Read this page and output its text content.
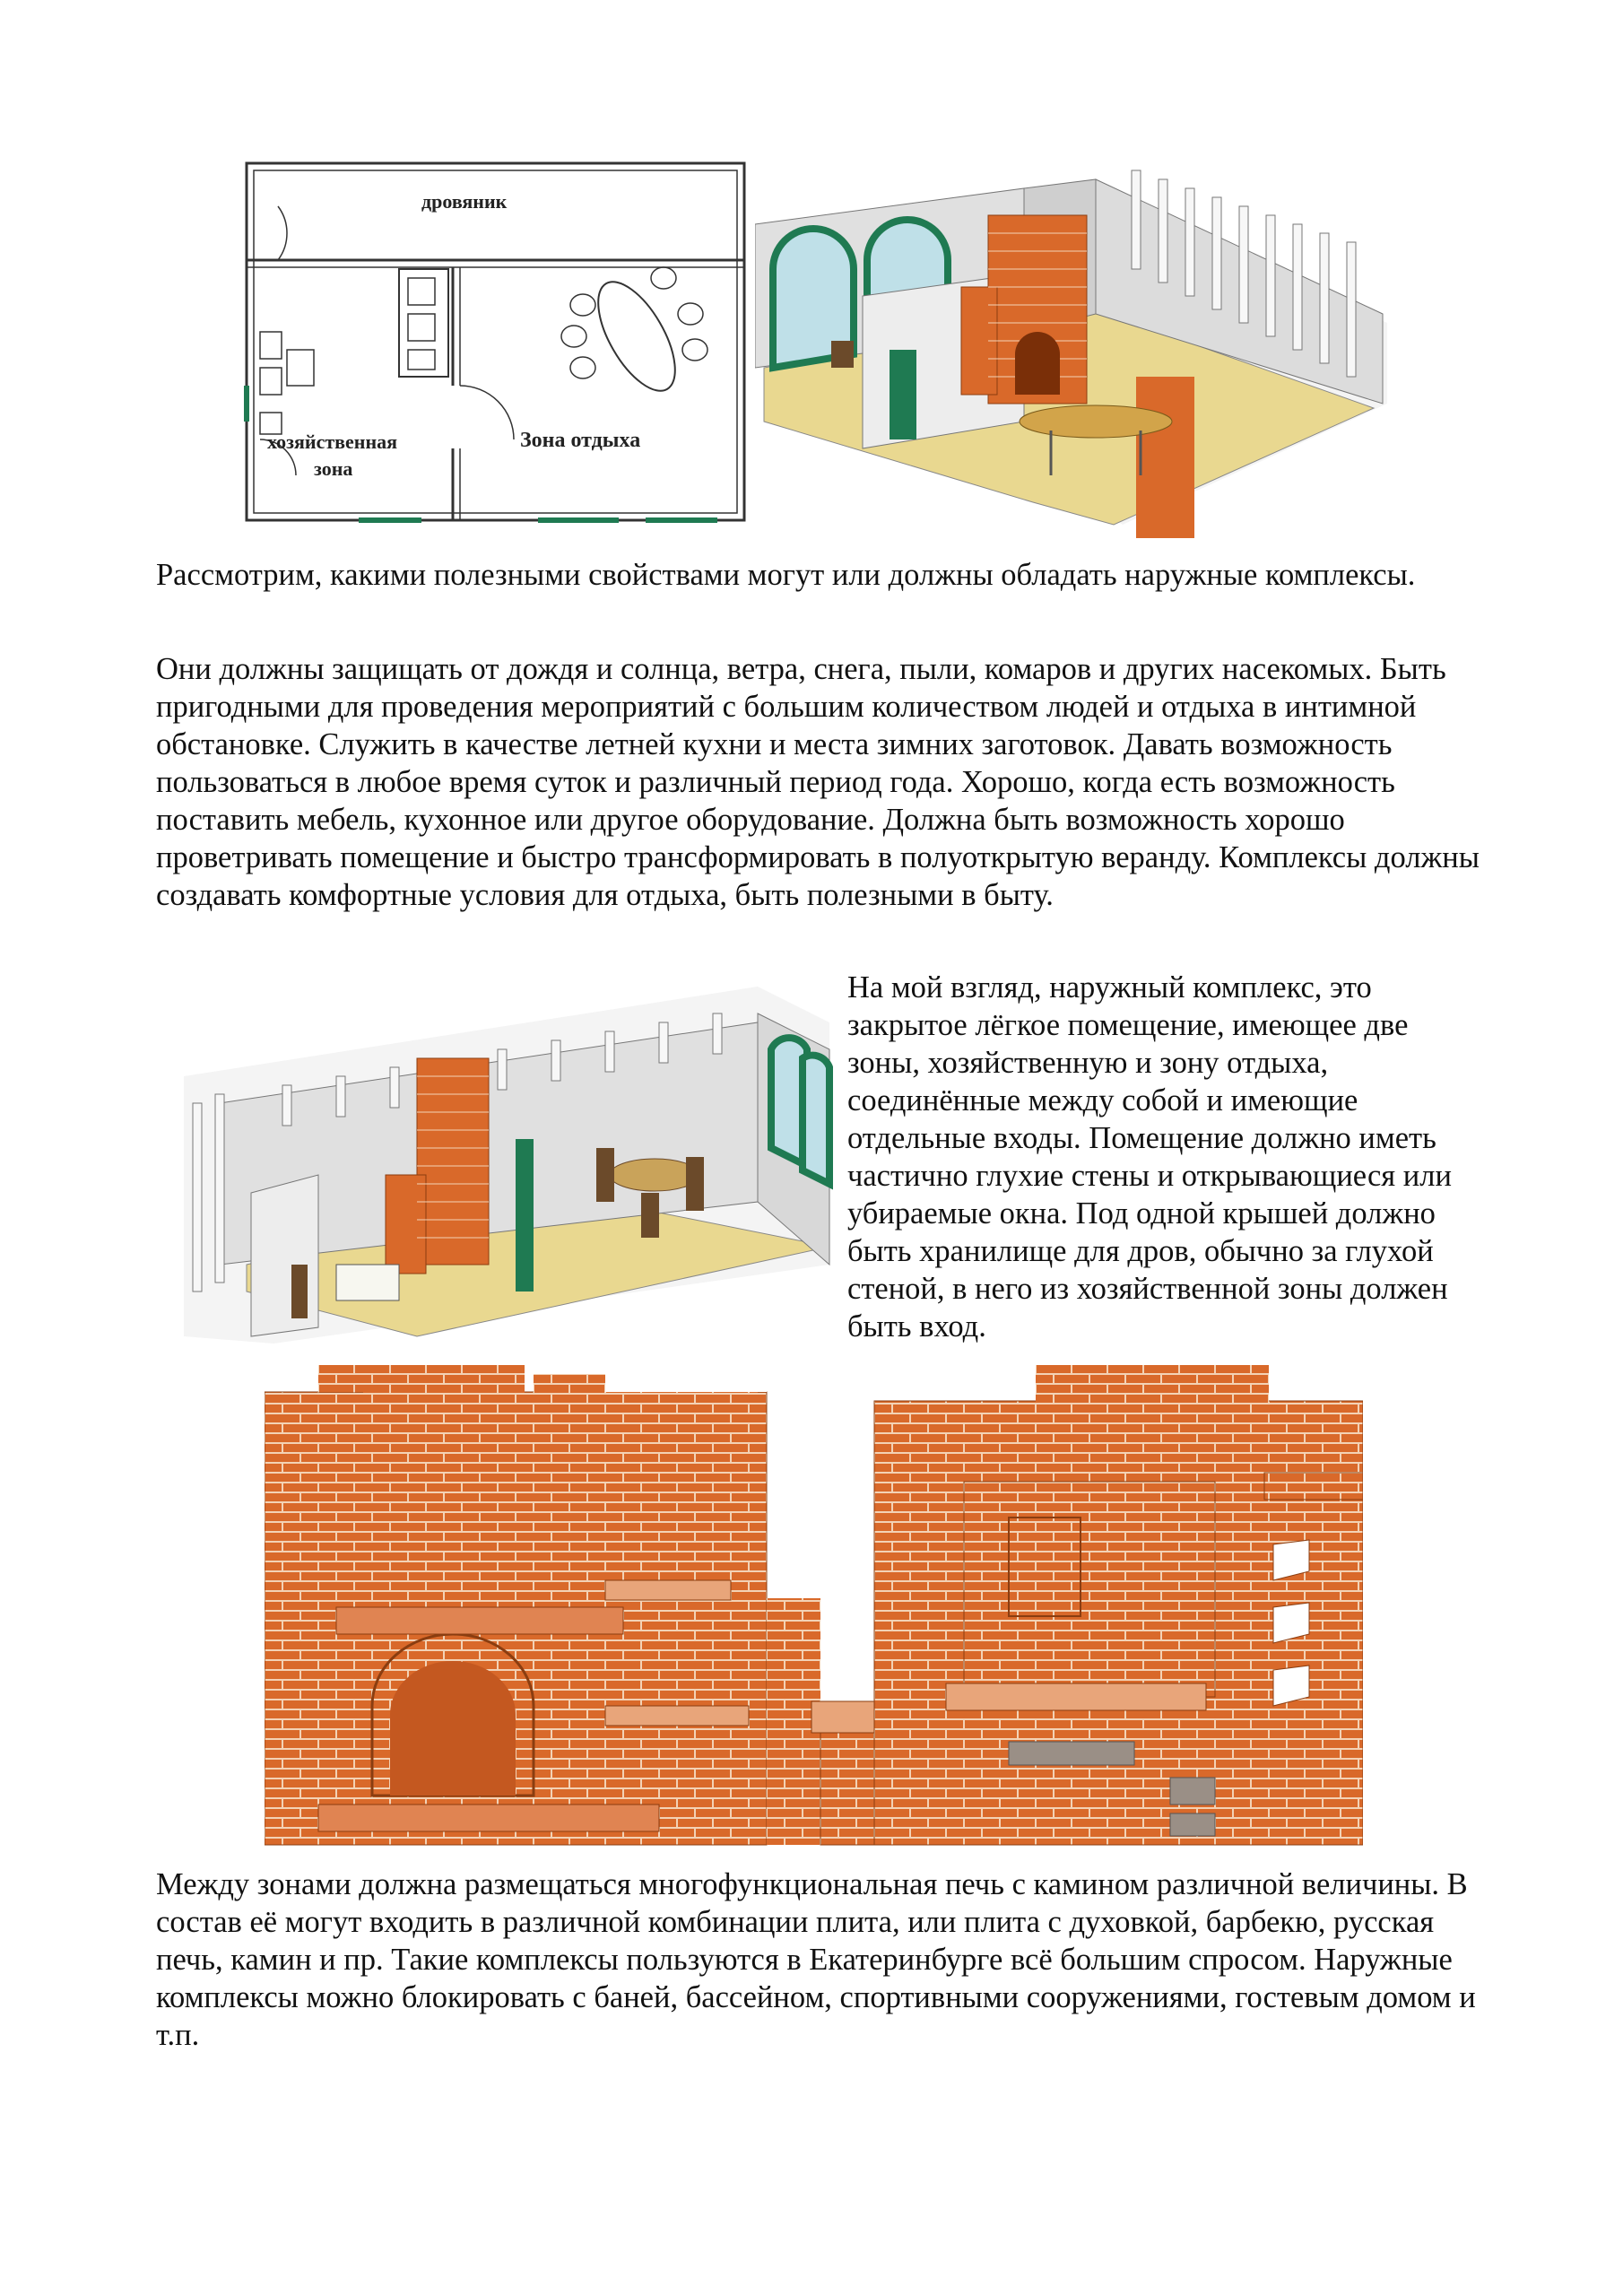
дровяник
хозяйственная
зона
Зона отдыха

Рассмотрим, какими полезными свойствами могут или должны обладать наружные комплексы.

Они должны защищать от дождя и солнца, ветра, снега, пыли, комаров и других насекомых. Быть пригодными для проведения мероприятий с большим количеством людей и отдыха в интимной обстановке. Служить в качестве летней кухни и места зимних заготовок. Давать возможность пользоваться в любое время суток и различный период года. Хорошо, когда есть возможность поставить мебель, кухонное или другое оборудование. Должна быть возможность хорошо проветривать помещение и быстро трансформировать в полуоткрытую веранду. Комплексы должны создавать комфортные условия для отдыха, быть полезными в быту.

На мой взгляд, наружный комплекс, это закрытое лёгкое помещение, имеющее две зоны, хозяйственную и зону отдыха, соединённые между собой и имеющие отдельные входы. Помещение должно иметь частично глухие стены и открывающиеся или убираемые окна. Под одной крышей должно быть хранилище для дров, обычно за глухой стеной, в него из хозяйственной зоны должен быть вход.

Между зонами должна размещаться многофункциональная печь с камином различной величины. В состав её могут входить в различной комбинации плита, или плита с духовкой, барбекю, русская печь, камин и пр. Такие комплексы пользуются в Екатеринбурге всё большим спросом. Наружные комплексы можно блокировать с баней, бассейном, спортивными сооружениями, гостевым домом и т.п.
